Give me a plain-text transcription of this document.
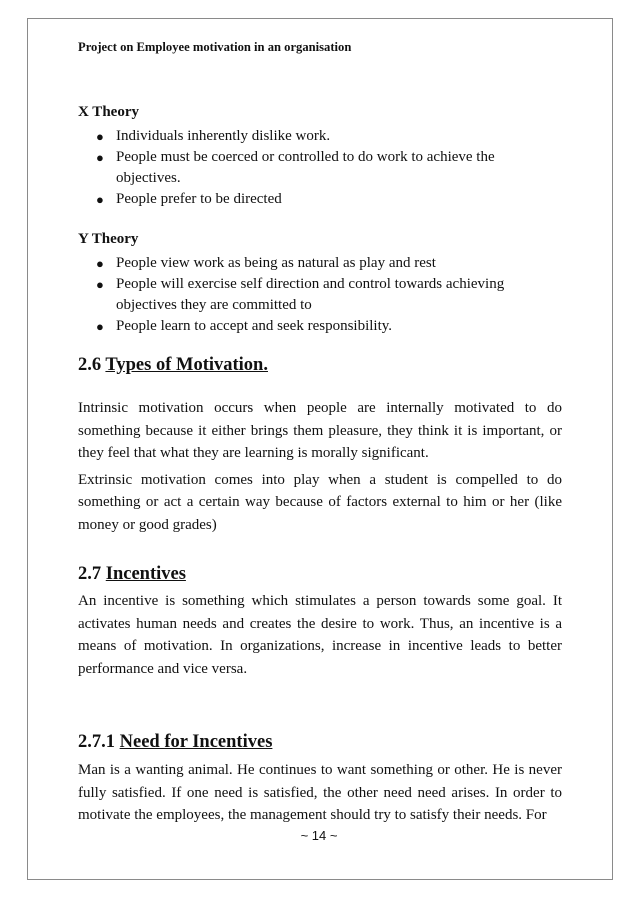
Project on Employee motivation in an organisation

X Theory

● Individuals inherently dislike work.
● People must be coerced or controlled to do work to achieve the objectives.
● People prefer to be directed

Y Theory

● People view work as being as natural as play and rest
● People will exercise self direction and control towards achieving objectives they are committed to
● People learn to accept and seek responsibility.

2.6 Types of Motivation.

Intrinsic motivation occurs when people are internally motivated to do something because it either brings them pleasure, they think it is important, or they feel that what they are learning is morally significant.

Extrinsic motivation comes into play when a student is compelled to do something or act a certain way because of factors external to him or her (like money or good grades)

2.7 Incentives

An incentive is something which stimulates a person towards some goal. It activates human needs and creates the desire to work. Thus, an incentive is a means of motivation. In organizations, increase in incentive leads to better performance and vice versa.

2.7.1 Need for Incentives

Man is a wanting animal. He continues to want something or other. He is never fully satisfied. If one need is satisfied, the other need need arises. In order to motivate the employees, the management should try to satisfy their needs. For

~ 14 ~
